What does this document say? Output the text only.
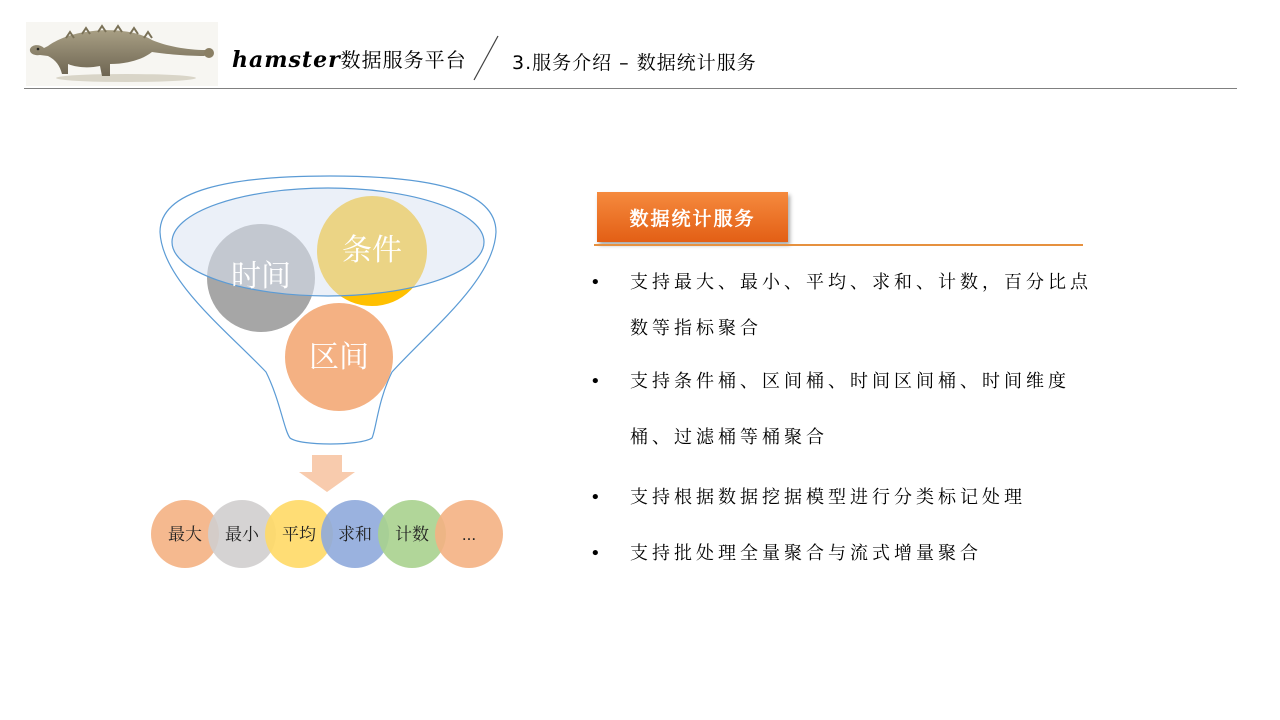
hamster数据服务平台 3.服务介绍 – 数据统计服务
时间
条件
区间
最大 最小 平均 求和 计数 ...
数据统计服务
• 支持最大、最小、平均、求和、计数，百分比点数等指标聚合
• 支持条件桶、区间桶、时间区间桶、时间维度桶、过滤桶等桶聚合
• 支持根据数据挖据模型进行分类标记处理
• 支持批处理全量聚合与流式增量聚合
